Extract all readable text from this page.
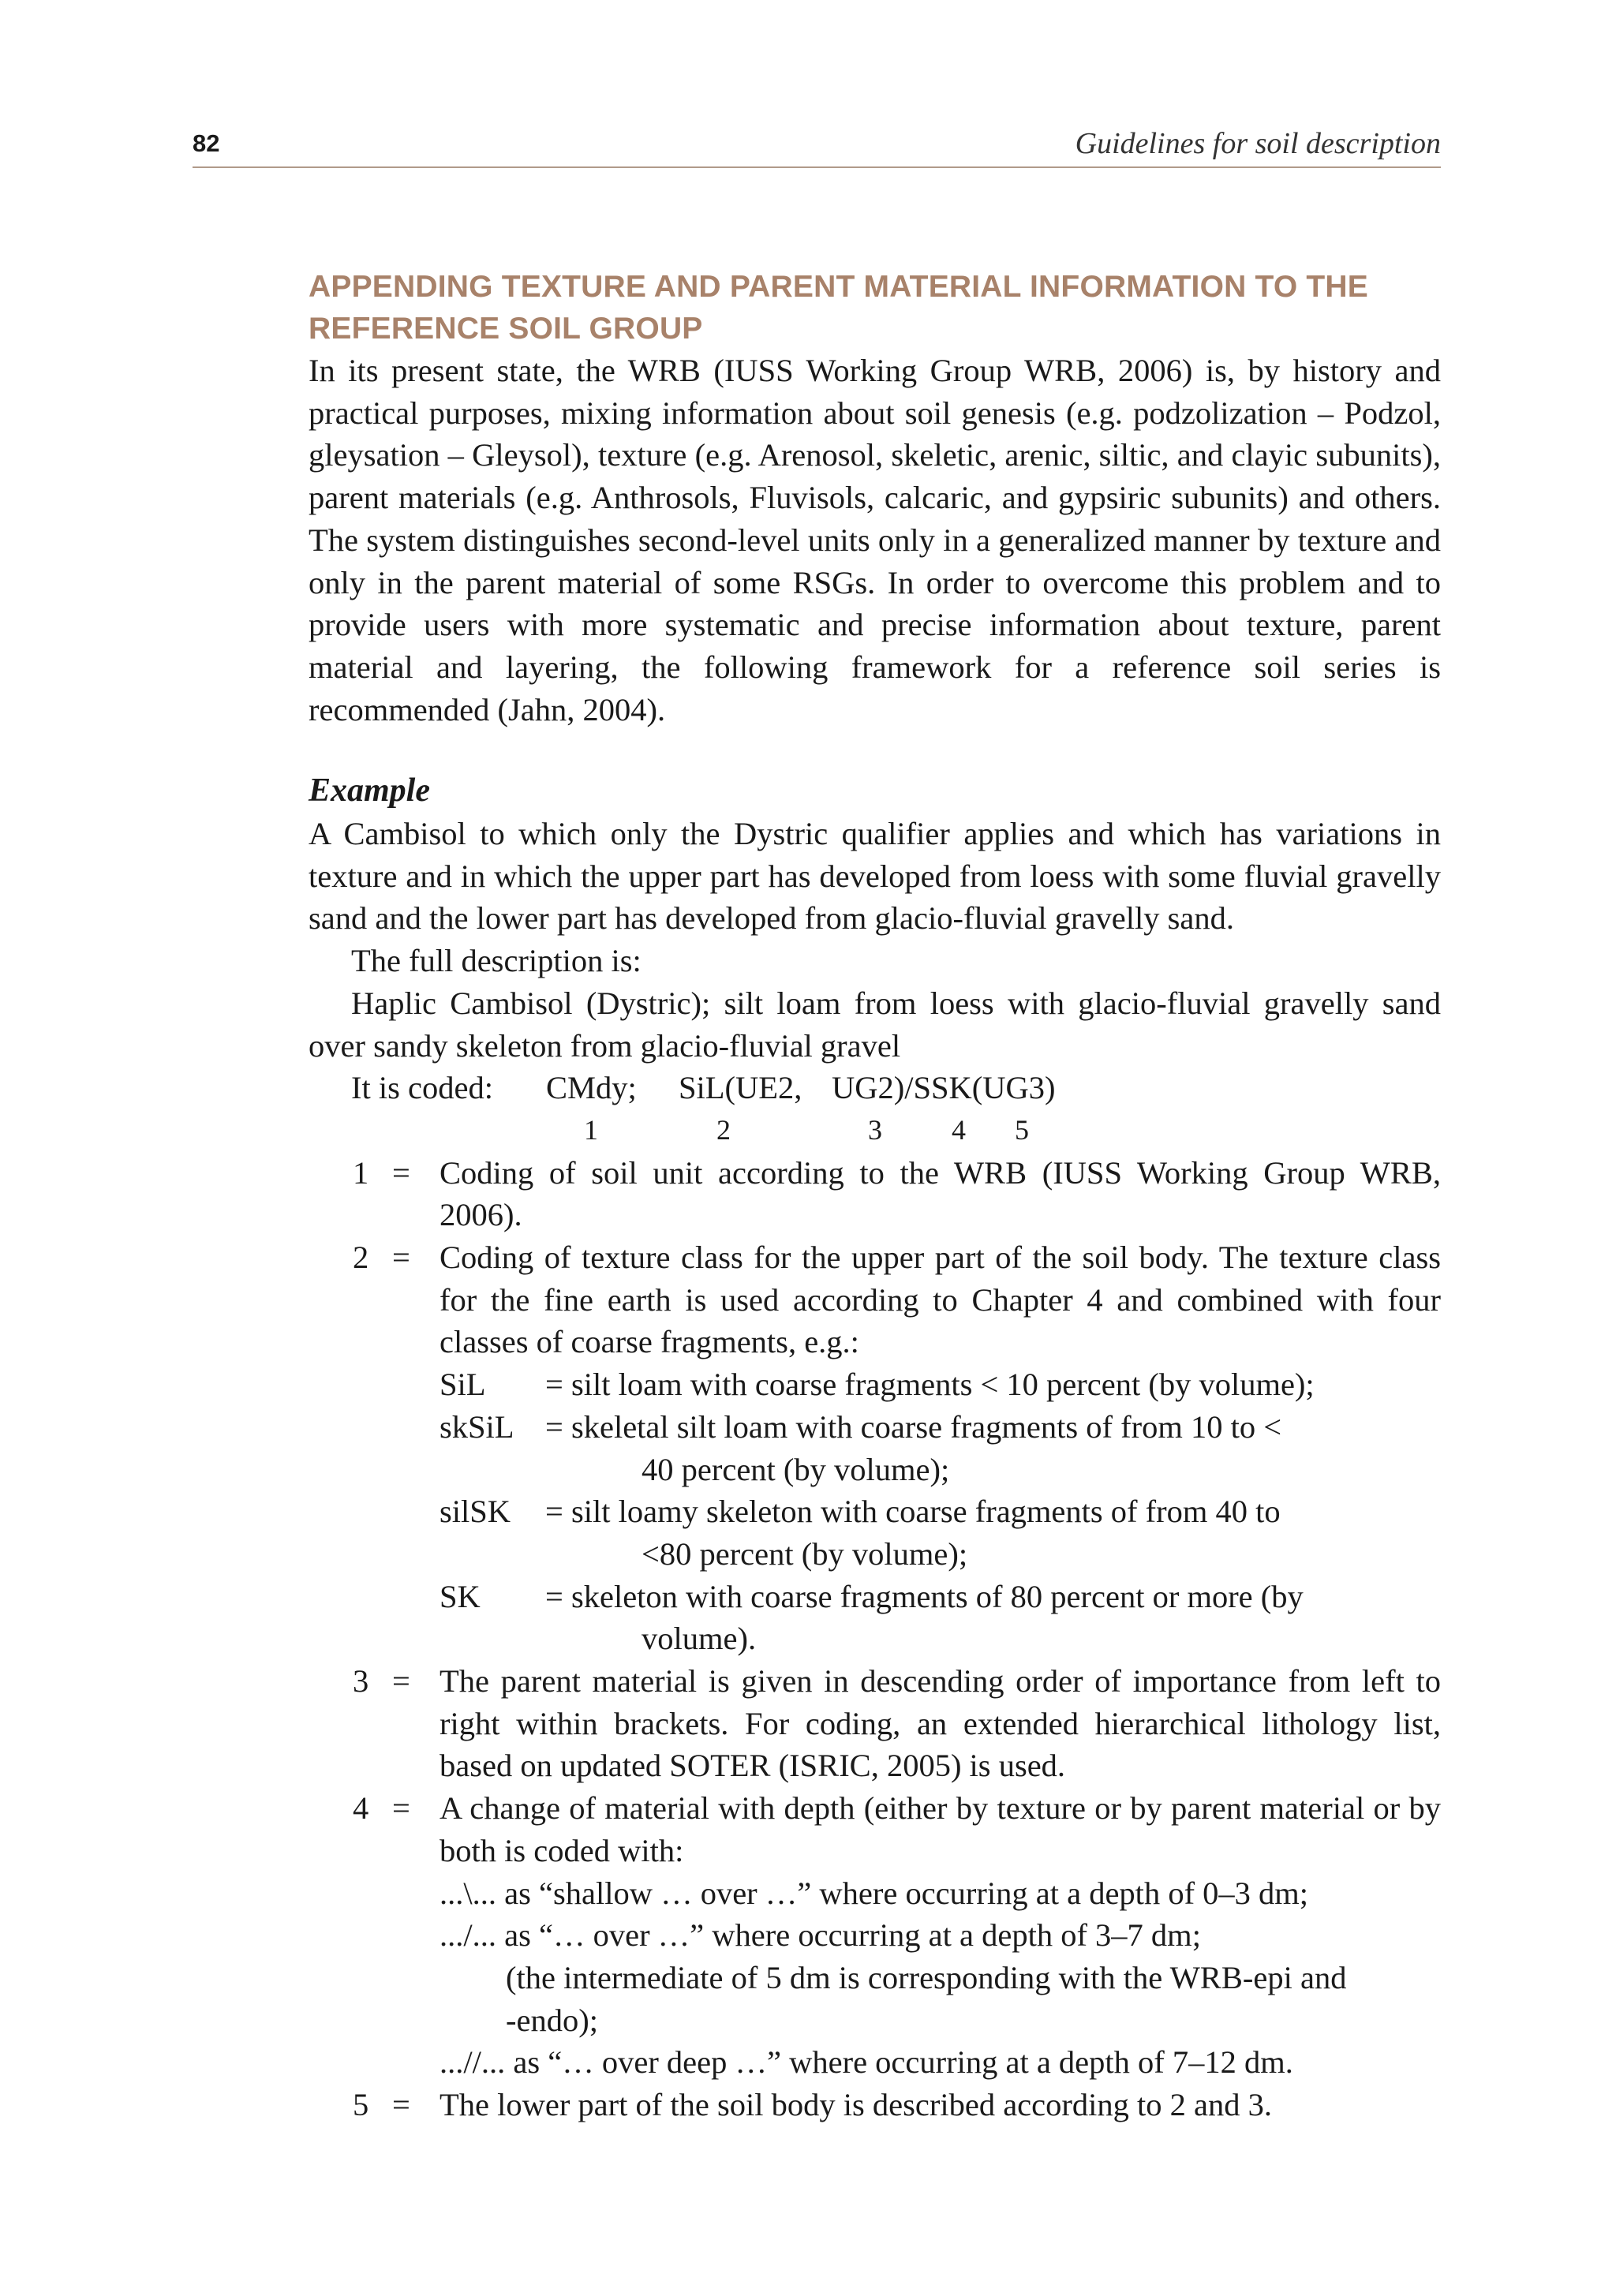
82	Guidelines for soil description
APPENDING TEXTURE AND PARENT MATERIAL INFORMATION TO THE
REFERENCE SOIL GROUP

In its present state, the WRB (IUSS Working Group WRB, 2006) is, by history and practical purposes, mixing information about soil genesis (e.g. podzolization – Podzol, gleysation – Gleysol), texture (e.g. Arenosol, skeletic, arenic, siltic, and clayic subunits), parent materials (e.g. Anthrosols, Fluvisols, calcaric, and gypsiric subunits) and others. The system distinguishes second-level units only in a generalized manner by texture and only in the parent material of some RSGs. In order to overcome this problem and to provide users with more systematic and precise information about texture, parent material and layering, the following framework for a reference soil series is recommended (Jahn, 2004).

Example

A Cambisol to which only the Dystric qualifier applies and which has variations in texture and in which the upper part has developed from loess with some fluvial gravelly sand and the lower part has developed from glacio-fluvial gravelly sand.

The full description is:

Haplic Cambisol (Dystric); silt loam from loess with glacio-fluvial gravelly sand over sandy skeleton from glacio-fluvial gravel

It is coded: CMdy; SiL(UE2, UG2)/SSK(UG3)
1	2	3 4 5
1 = Coding of soil unit according to the WRB (IUSS Working Group WRB, 2006).
2 = Coding of texture class for the upper part of the soil body. The texture class for the fine earth is used according to Chapter 4 and combined with four classes of coarse fragments, e.g.:
SiL = silt loam with coarse fragments < 10 percent (by volume);
skSiL = skeletal silt loam with coarse fragments of from 10 to <
40 percent (by volume);
silSK = silt loamy skeleton with coarse fragments of from 40 to
<80 percent (by volume);
SK = skeleton with coarse fragments of 80 percent or more (by
volume).
3 = The parent material is given in descending order of importance from left to right within brackets. For coding, an extended hierarchical lithology list, based on updated SOTER (ISRIC, 2005) is used.
4 = A change of material with depth (either by texture or by parent material or by both is coded with:
...\... as “shallow … over …” where occurring at a depth of 0–3 dm;
.../... as “… over …” where occurring at a depth of 3–7 dm;
(the intermediate of 5 dm is corresponding with the WRB-epi and
-endo);
...//... as “… over deep …” where occurring at a depth of 7–12 dm.
5 = The lower part of the soil body is described according to 2 and 3.
